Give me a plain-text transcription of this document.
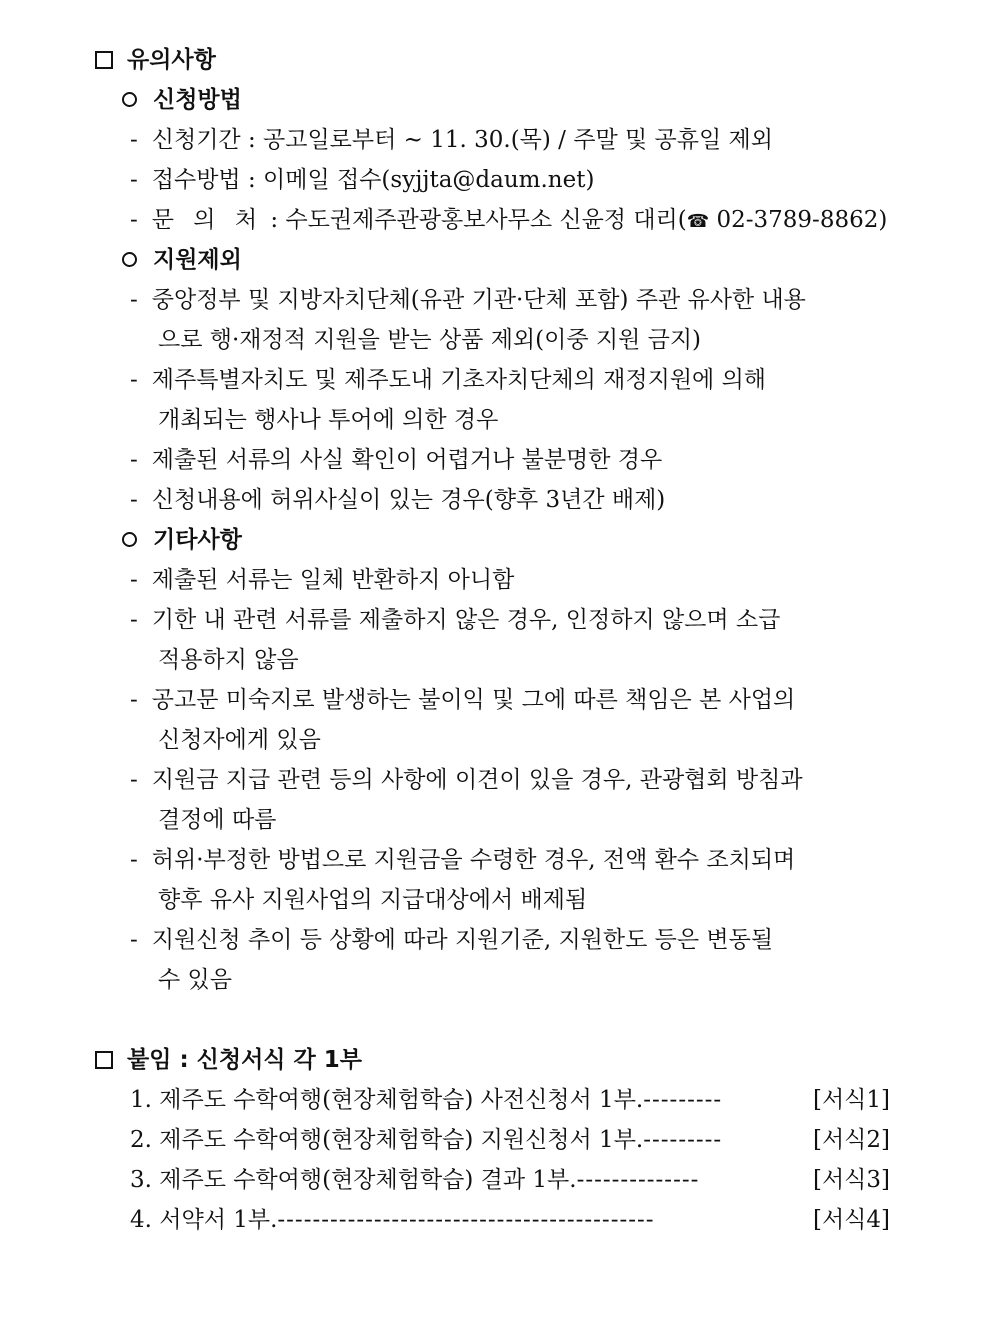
유의사항
신청방법
- 신청기간 : 공고일로부터 ~ 11. 30.(목) / 주말 및 공휴일 제외
- 접수방법 : 이메일 접수(syjjta@daum.net)
- 문 의 처 : 수도권제주관광홍보사무소 신윤정 대리(☎ 02-3789-8862)
지원제외
- 중앙정부 및 지방자치단체(유관 기관·단체 포함) 주관 유사한 내용
으로 행·재정적 지원을 받는 상품 제외(이중 지원 금지)
- 제주특별자치도 및 제주도내 기초자치단체의 재정지원에 의해
개최되는 행사나 투어에 의한 경우
- 제출된 서류의 사실 확인이 어렵거나 불분명한 경우
- 신청내용에 허위사실이 있는 경우(향후 3년간 배제)
기타사항
- 제출된 서류는 일체 반환하지 아니함
- 기한 내 관련 서류를 제출하지 않은 경우, 인정하지 않으며 소급
적용하지 않음
- 공고문 미숙지로 발생하는 불이익 및 그에 따른 책임은 본 사업의
신청자에게 있음
- 지원금 지급 관련 등의 사항에 이견이 있을 경우, 관광협회 방침과
결정에 따름
- 허위·부정한 방법으로 지원금을 수령한 경우, 전액 환수 조치되며
향후 유사 지원사업의 지급대상에서 배제됨
- 지원신청 추이 등 상황에 따라 지원기준, 지원한도 등은 변동될
수 있음
붙임 : 신청서식 각 1부
1. 제주도 수학여행(현장체험학습) 사전신청서 1부. ---------	[서식1]
2. 제주도 수학여행(현장체험학습) 지원신청서 1부. ---------	[서식2]
3. 제주도 수학여행(현장체험학습) 결과 1부. --------------	[서식3]
4. 서약서 1부. -------------------------------------------	[서식4]
